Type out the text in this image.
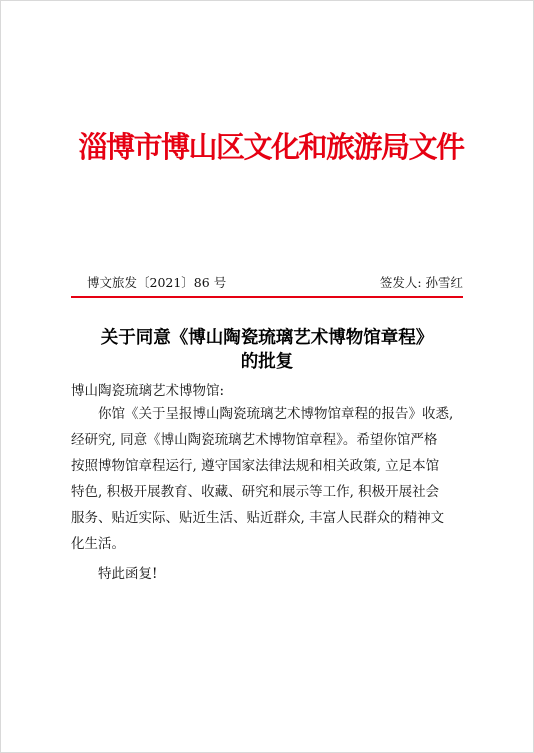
淄博市博山区文化和旅游局文件
博文旅发〔2021〕86 号	签发人: 孙雪红
关于同意《博山陶瓷琉璃艺术博物馆章程》
的批复
博山陶瓷琉璃艺术博物馆:
你馆《关于呈报博山陶瓷琉璃艺术博物馆章程的报告》收悉,
经研究, 同意《博山陶瓷琉璃艺术博物馆章程》。希望你馆严格
按照博物馆章程运行, 遵守国家法律法规和相关政策, 立足本馆
特色, 积极开展教育、收藏、研究和展示等工作, 积极开展社会
服务、贴近实际、贴近生活、贴近群众, 丰富人民群众的精神文
化生活。
特此函复!
